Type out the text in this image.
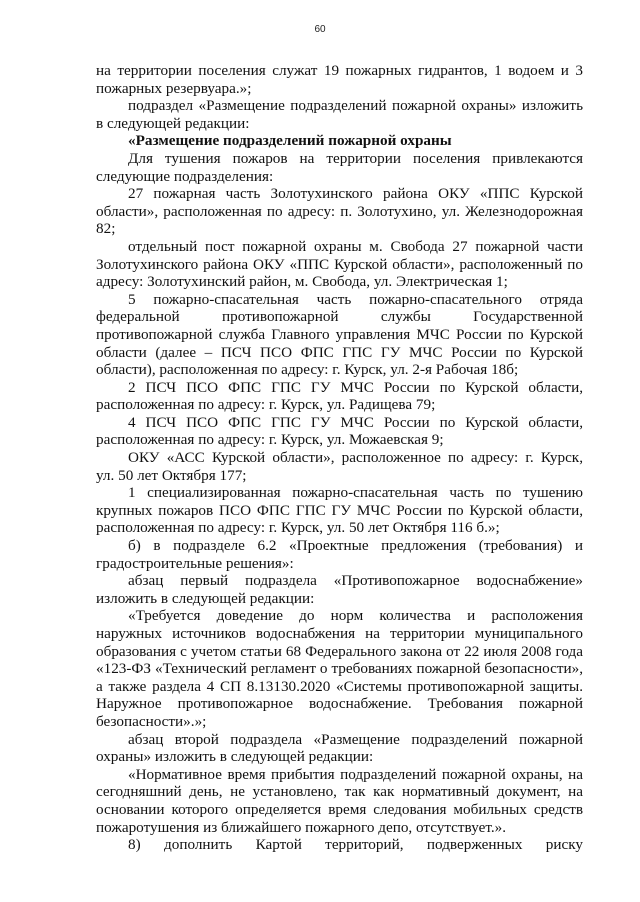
60
на территории поселения служат 19 пожарных гидрантов, 1 водоем и 3
пожарных резервуара.»;
подраздел «Размещение подразделений пожарной охраны» изложить
в следующей редакции:
«Размещение подразделений пожарной охраны
Для тушения пожаров на территории поселения привлекаются
следующие подразделения:
27 пожарная часть Золотухинского района ОКУ «ППС Курской
области», расположенная по адресу: п. Золотухино, ул. Железнодорожная
82;
отдельный пост пожарной охраны м. Свобода 27 пожарной части
Золотухинского района ОКУ «ППС Курской области», расположенный по
адресу: Золотухинский район, м. Свобода, ул. Электрическая 1;
5 пожарно-спасательная часть пожарно-спасательного отряда
федеральной противопожарной службы Государственной
противопожарной служба Главного управления МЧС России по Курской
области (далее – ПСЧ ПСО ФПС ГПС ГУ МЧС России по Курской
области), расположенная по адресу: г. Курск, ул. 2-я Рабочая 18б;
2 ПСЧ ПСО ФПС ГПС ГУ МЧС России по Курской области,
расположенная по адресу: г. Курск, ул. Радищева 79;
4 ПСЧ ПСО ФПС ГПС ГУ МЧС России по Курской области,
расположенная по адресу: г. Курск, ул. Можаевская 9;
ОКУ «АСС Курской области», расположенное по адресу: г. Курск,
ул. 50 лет Октября 177;
1 специализированная пожарно-спасательная часть по тушению
крупных пожаров ПСО ФПС ГПС ГУ МЧС России по Курской области,
расположенная по адресу: г. Курск, ул. 50 лет Октября 116 б.»;
б) в подразделе 6.2 «Проектные предложения (требования) и
градостроительные решения»:
абзац первый подраздела «Противопожарное водоснабжение»
изложить в следующей редакции:
«Требуется доведение до норм количества и расположения
наружных источников водоснабжения на территории муниципального
образования с учетом статьи 68 Федерального закона от 22 июля 2008 года
«123-ФЗ «Технический регламент о требованиях пожарной безопасности»,
а также раздела 4 СП 8.13130.2020 «Системы противопожарной защиты.
Наружное противопожарное водоснабжение. Требования пожарной
безопасности».»;
абзац второй подраздела «Размещение подразделений пожарной
охраны» изложить в следующей редакции:
«Нормативное время прибытия подразделений пожарной охраны, на
сегодняшний день, не установлено, так как нормативный документ, на
основании которого определяется время следования мобильных средств
пожаротушения из ближайшего пожарного депо, отсутствует.».
8) дополнить Картой территорий, подверженных риску
